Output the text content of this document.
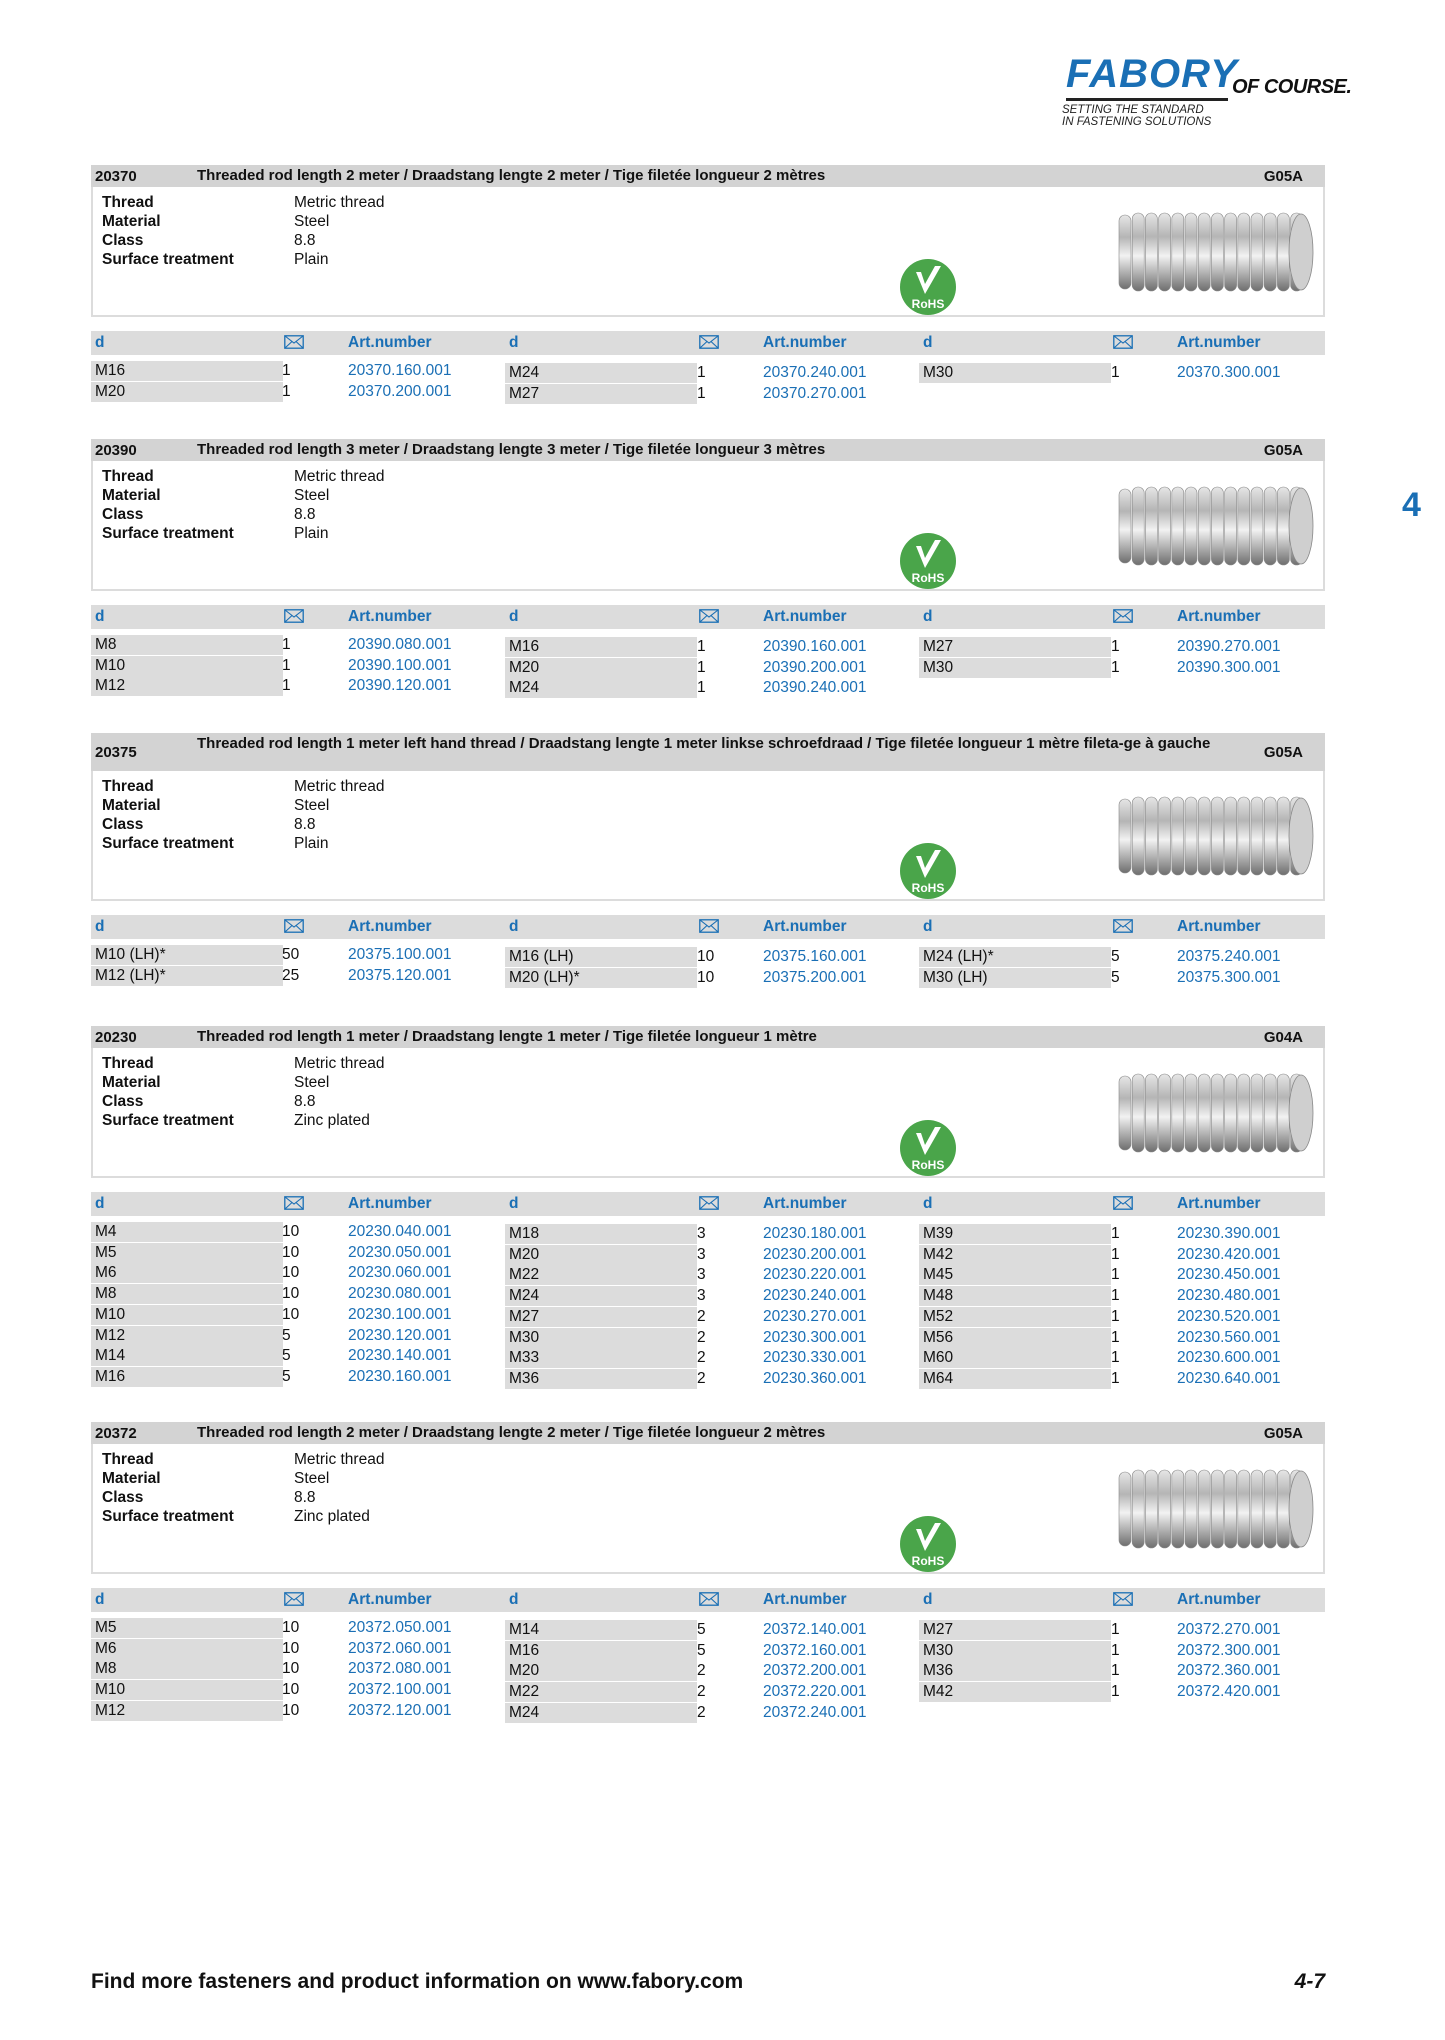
FABORY
OF COURSE.
SETTING THE STANDARD
IN FASTENING SOLUTIONS
4
20370	Threaded rod length 2 meter / Draadstang lengte 2 meter / Tige filetée longueur 2 mètres	G05A
Thread	Metric thread
Material	Steel
Class	8.8
Surface treatment	Plain
RoHS
d	Art.number	d	Art.number	d	Art.number
M16	1	20370.160.001
M20	1	20370.200.001
M24	1	20370.240.001
M27	1	20370.270.001
M30	1	20370.300.001
20390	Threaded rod length 3 meter / Draadstang lengte 3 meter / Tige filetée longueur 3 mètres	G05A
Thread	Metric thread
Material	Steel
Class	8.8
Surface treatment	Plain
RoHS
d	Art.number	d	Art.number	d	Art.number
M8	1	20390.080.001
M10	1	20390.100.001
M12	1	20390.120.001
M16	1	20390.160.001
M20	1	20390.200.001
M24	1	20390.240.001
M27	1	20390.270.001
M30	1	20390.300.001
20375
Threaded rod length 1 meter left hand thread / Draadstang lengte 1 meter linkse schroefdraad / Tige filetée longueur 1 mètre fileta-ge à gauche
G05A
Thread	Metric thread
Material	Steel
Class	8.8
Surface treatment	Plain
RoHS
d	Art.number	d	Art.number	d	Art.number
M10 (LH)*	50	20375.100.001
M12 (LH)*	25	20375.120.001
M16 (LH)	10	20375.160.001
M20 (LH)*	10	20375.200.001
M24 (LH)*	5	20375.240.001
M30 (LH)	5	20375.300.001
20230	Threaded rod length 1 meter / Draadstang lengte 1 meter / Tige filetée longueur 1 mètre	G04A
Thread	Metric thread
Material	Steel
Class	8.8
Surface treatment	Zinc plated
RoHS
d	Art.number	d	Art.number	d	Art.number
M4	10	20230.040.001
M5	10	20230.050.001
M6	10	20230.060.001
M8	10	20230.080.001
M10	10	20230.100.001
M12	5	20230.120.001
M14	5	20230.140.001
M16	5	20230.160.001
M18	3	20230.180.001
M20	3	20230.200.001
M22	3	20230.220.001
M24	3	20230.240.001
M27	2	20230.270.001
M30	2	20230.300.001
M33	2	20230.330.001
M36	2	20230.360.001
M39	1	20230.390.001
M42	1	20230.420.001
M45	1	20230.450.001
M48	1	20230.480.001
M52	1	20230.520.001
M56	1	20230.560.001
M60	1	20230.600.001
M64	1	20230.640.001
20372	Threaded rod length 2 meter / Draadstang lengte 2 meter / Tige filetée longueur 2 mètres	G05A
Thread	Metric thread
Material	Steel
Class	8.8
Surface treatment	Zinc plated
RoHS
d	Art.number	d	Art.number	d	Art.number
M5	10	20372.050.001
M6	10	20372.060.001
M8	10	20372.080.001
M10	10	20372.100.001
M12	10	20372.120.001
M14	5	20372.140.001
M16	5	20372.160.001
M20	2	20372.200.001
M22	2	20372.220.001
M24	2	20372.240.001
M27	1	20372.270.001
M30	1	20372.300.001
M36	1	20372.360.001
M42	1	20372.420.001
Find more fasteners and product information on www.fabory.com	4-7
